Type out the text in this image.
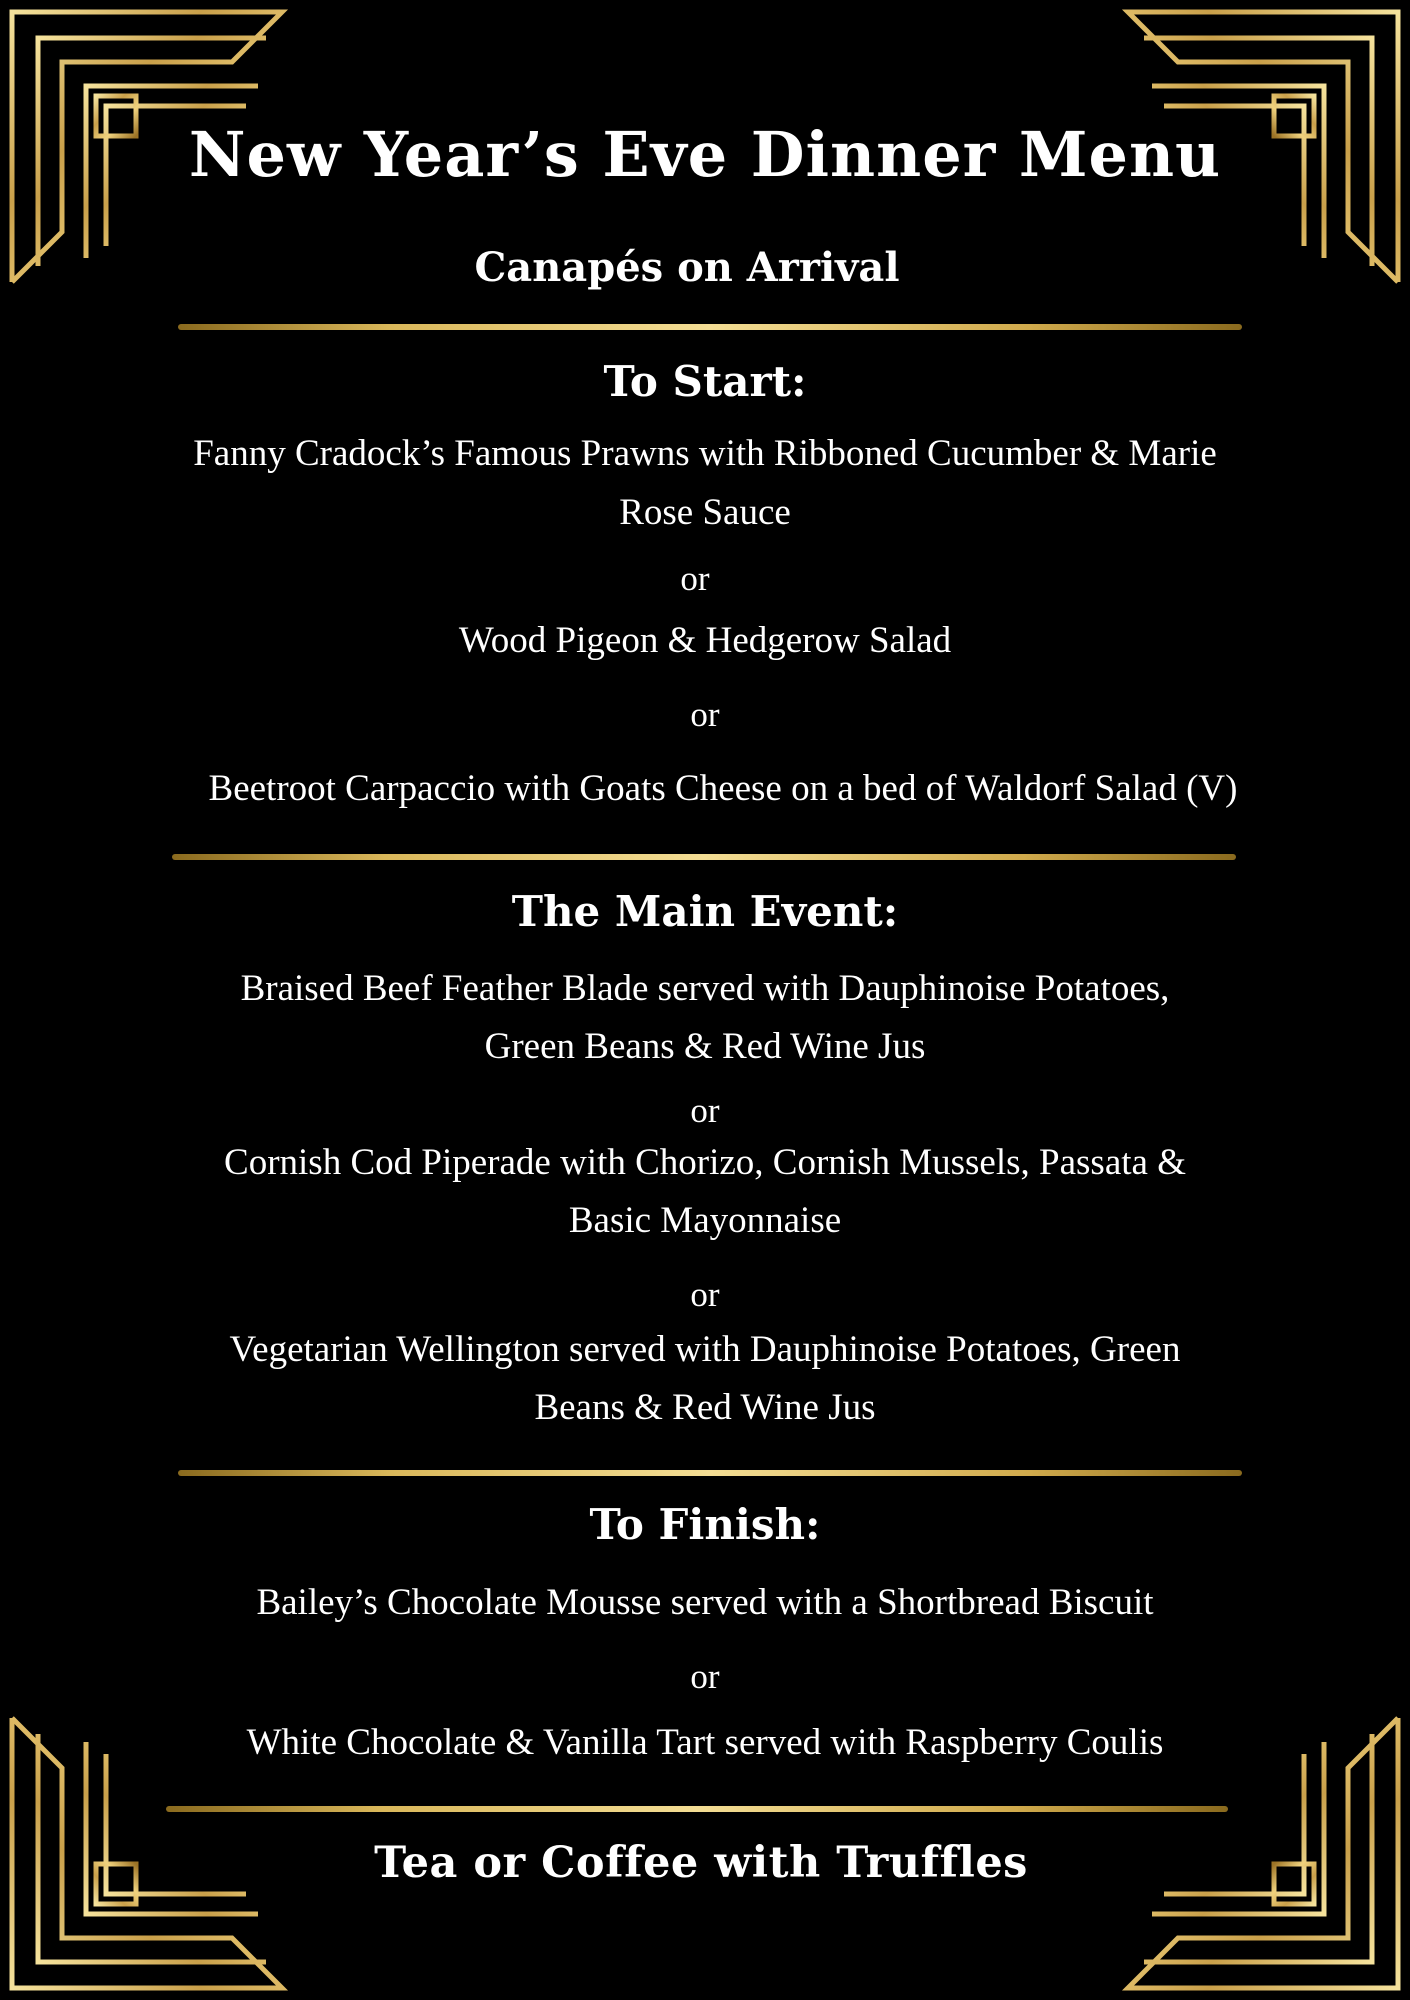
New Year’s Eve Dinner Menu
Canapés on Arrival
To Start:
Fanny Cradock’s Famous Prawns with Ribboned Cucumber & Marie
Rose Sauce
or
Wood Pigeon & Hedgerow Salad
or
Beetroot Carpaccio with Goats Cheese on a bed of Waldorf Salad (V)
The Main Event:
Braised Beef Feather Blade served with Dauphinoise Potatoes,
Green Beans & Red Wine Jus
or
Cornish Cod Piperade with Chorizo, Cornish Mussels, Passata &
Basic Mayonnaise
or
Vegetarian Wellington served with Dauphinoise Potatoes, Green
Beans & Red Wine Jus
To Finish:
Bailey’s Chocolate Mousse served with a Shortbread Biscuit
or
White Chocolate & Vanilla Tart served with Raspberry Coulis
Tea or Coffee with Truffles
